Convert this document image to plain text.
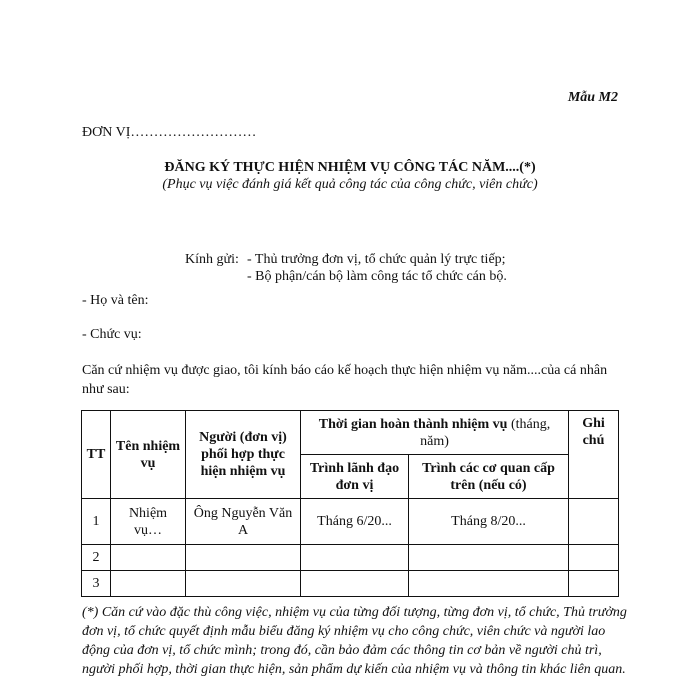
Mẫu M2
ĐƠN VỊ………………………
ĐĂNG KÝ THỰC HIỆN NHIỆM VỤ CÔNG TÁC NĂM....(*)
(Phục vụ việc đánh giá kết quả công tác của công chức, viên chức)
Kính gửi: - Thủ trưởng đơn vị, tổ chức quản lý trực tiếp;
- Bộ phận/cán bộ làm công tác tổ chức cán bộ.
- Họ và tên:
- Chức vụ:
Căn cứ nhiệm vụ được giao, tôi kính báo cáo kế hoạch thực hiện nhiệm vụ năm....của cá nhân như sau:
TT	Tên nhiệm vụ	Người (đơn vị) phối hợp thực hiện nhiệm vụ	Thời gian hoàn thành nhiệm vụ (tháng, năm)		Ghi chú
			Trình lãnh đạo đơn vị	Trình các cơ quan cấp trên (nếu có)	
1	Nhiệm vụ…	Ông Nguyễn Văn A	Tháng 6/20...	Tháng 8/20...	
2					
3					
(*) Căn cứ vào đặc thù công việc, nhiệm vụ của từng đối tượng, từng đơn vị, tổ chức, Thủ trưởng đơn vị, tổ chức quyết định mẫu biểu đăng ký nhiệm vụ cho công chức, viên chức và người lao động của đơn vị, tổ chức mình; trong đó, cần bảo đảm các thông tin cơ bản về người chủ trì, người phối hợp, thời gian thực hiện, sản phẩm dự kiến của nhiệm vụ và thông tin khác liên quan.
